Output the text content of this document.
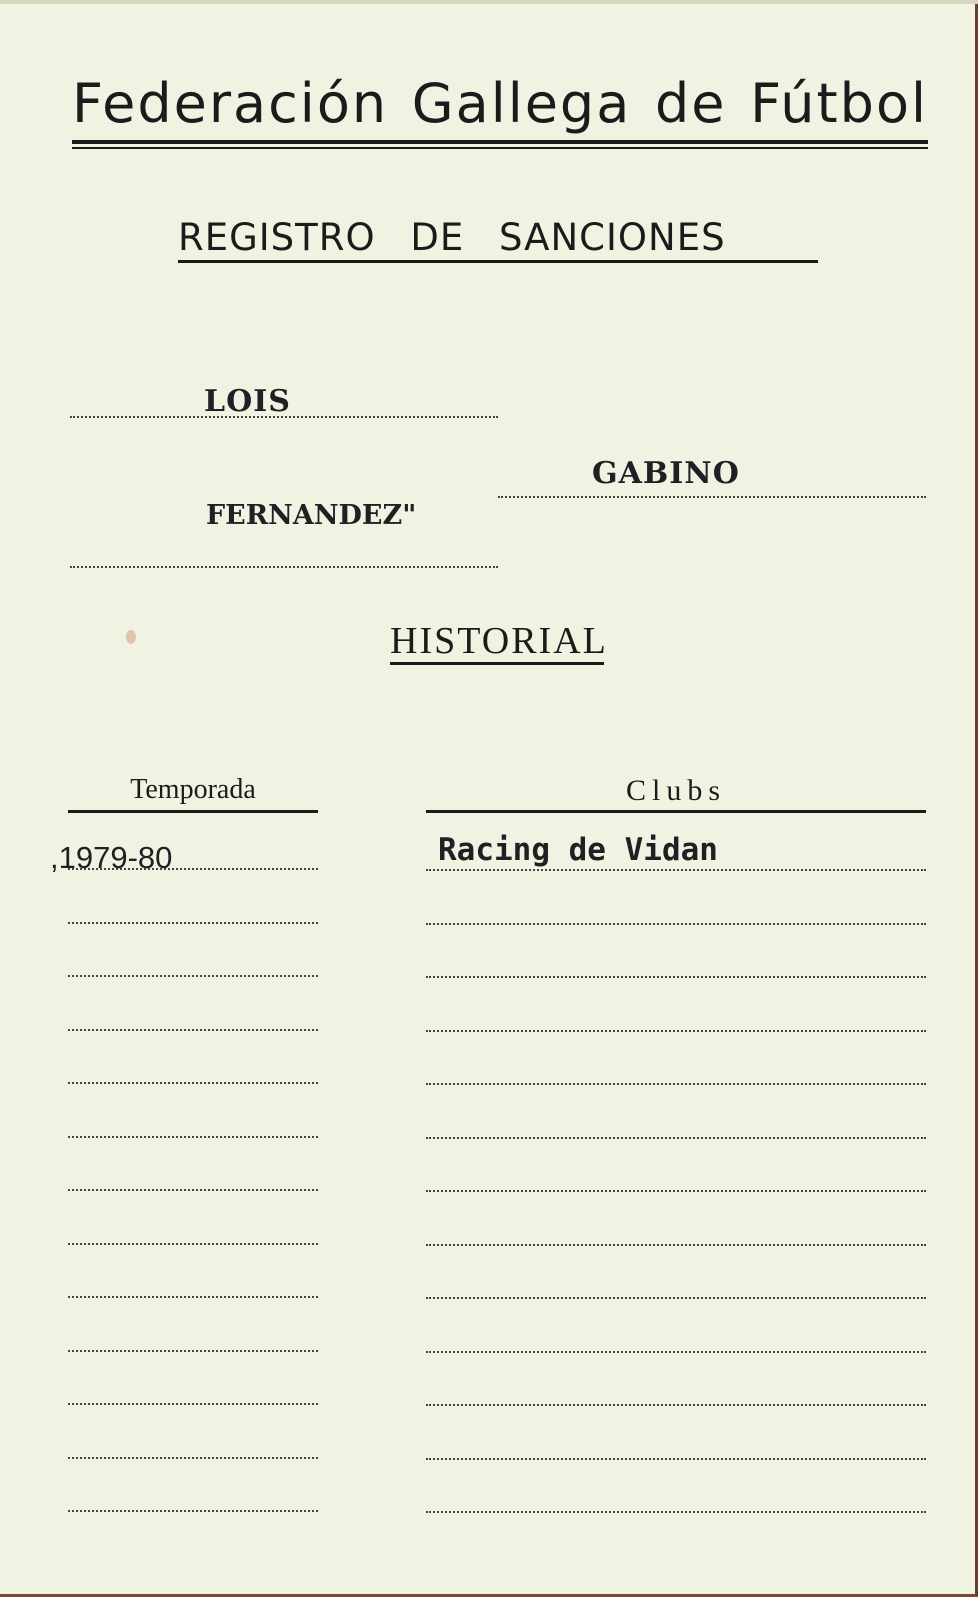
Federación Gallega de Fútbol
REGISTRO DE SANCIONES
LOIS
GABINO
FERNANDEZ"
HISTORIAL
Temporada	Clubs
,1979-80	Racing de Vidan
